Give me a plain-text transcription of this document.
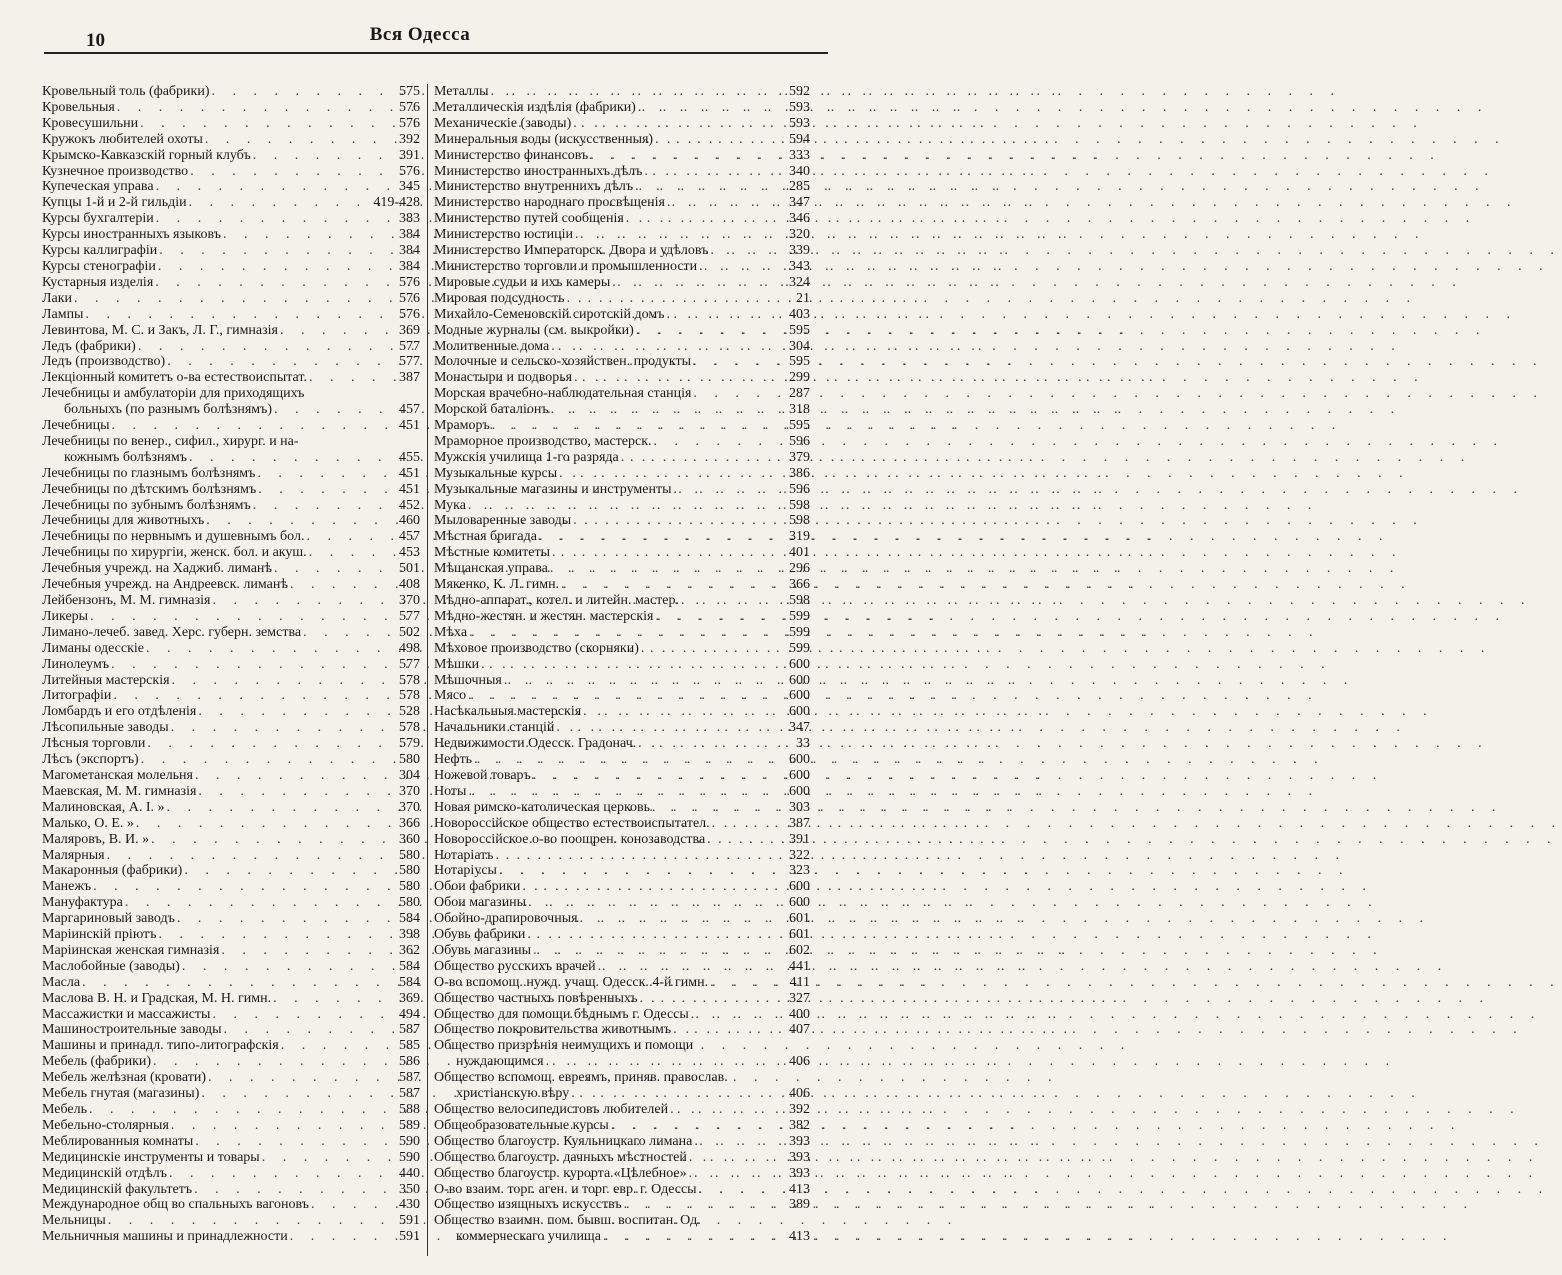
10	Вся Одесса
Кровельный толь (фабрики) . . .	575
Кровельныя . . .	576
Кровесушильни . . .	576
Кружокъ любителей охоты . . .	392
Крымско-Кавказскій горный клубъ . . .	391
Кузнечное производство . . .	576
Купеческая управа . . .	345
Купцы 1-й и 2-й гильдіи . . .	419-428
Курсы бухгалтеріи . . .	383
Курсы иностранныхъ языковъ . . .	384
Курсы каллиграфіи . . .	384
Курсы стенографіи . . .	384
Кустарныя изделія . . .	576
Лаки . . .	576
Лампы . . .	576
Левинтова, М. С. и Закъ, Л. Г., гимназія . . .	369
Ледъ (фабрики) . . .	577
Ледъ (производство) . . .	577
Лекціонный комитетъ о-ва естествоиспытат. . . .	387
Лечебницы и амбулаторіи для приходящихъ
больныхъ (по разнымъ болѣзнямъ) . . .	457
Лечебницы . . .	451
Лечебницы по венер., сифил., хирург. и на-
кожнымъ болѣзнямъ . . .	455
Лечебницы по глазнымъ болѣзнямъ . . .	451
Лечебницы по дѣтскимъ болѣзнямъ . . .	451
Лечебницы по зубнымъ болѣзнямъ . . .	452
Лечебницы для животныхъ . . .	460
Лечебницы по нервнымъ и душевнымъ бол. . . .	457
Лечебницы по хирургіи, женск. бол. и акуш. . . .	453
Лечебныя учрежд. на Хаджиб. лиманѣ . . .	501
Лечебныя учрежд. на Андреевск. лиманѣ . . .	408
Лейбензонъ, М. М. гимназія . . .	370
Ликеры . . .	577
Лимано-лечеб. завед. Херс. губерн. земства . . .	502
Лиманы одесскіе . . .	498
Линолеумъ . . .	577
Литейныя мастерскія . . .	578
Литографіи . . .	578
Ломбардъ и его отдѣленія . . .	528
Лѣсопильные заводы . . .	578
Лѣсныя торговли . . .	579
Лѣсъ (экспортъ) . . .	580
Магометанская молельня . . .	304
Маевская, М. М. гимназія . . .	370
Малиновская, А. І. » . . .	370
Малько, О. Е. » . . .	366
Маляровъ, В. И. » . . .	360
Малярныя . . .	580
Макаронныя (фабрики) . . .	580
Манежъ . . .	580
Мануфактура . . .	580
Маргариновый заводъ . . .	584
Маріинскій пріютъ . . .	398
Маріинская женская гимназія . . .	362
Маслобойные (заводы) . . .	584
Масла . . .	584
Маслова В. Н. и Градская, М. Н. гимн. . . .	369
Массажистки и массажисты . . .	494
Машиностроительные заводы . . .	587
Машины и принадл. типо-литографскія . . .	585
Мебель (фабрики) . . .	586
Мебель желѣзная (кровати) . . .	587
Мебель гнутая (магазины) . . .	587
Мебель . . .	588
Мебельно-столярныя . . .	589
Меблированныя комнаты . . .	590
Медицинскіе инструменты и товары . . .	590
Медицинскій отдѣлъ . . .	440
Медицинскій факультетъ . . .	350
Международное общ во спальныхъ вагоновъ . . .	430
Мельницы . . .	591
Мельничныя машины и принадлежности . . .	591
Металлы . . .	592
Металлическія издѣлія (фабрики) . . .	593
Механическіе (заводы) . . .	593
Минеральныя воды (искусственныя) . . .	594
Министерство финансовъ . . .	333
Министерство иностранныхъ дѣлъ . . .	340
Министерство внутреннихъ дѣлъ . . .	285
Министерство народнаго просвѣщенія . . .	347
Министерство путей сообщенія . . .	346
Министерство юстиціи . . .	320
Министерство Императорск. Двора и удѣловъ . . .	339
Министерство торговли и промышленности . . .	343
Мировые судьи и ихъ камеры . . .	324
Мировая подсудность . . .	21
Михайло-Семеновскій сиротскій домъ . . .	403
Модные журналы (см. выкройки) . . .	595
Молитвенные дома . . .	304
Молочные и сельско-хозяйствен. продукты . . .	595
Монастыри и подворья . . .	299
Морская врачебно-наблюдательная станція . . .	287
Морской баталіонъ . . .	318
Мраморъ . . .	595
Мраморное производство, мастерск. . . .	596
Мужскія училища 1-го разряда . . .	379
Музыкальные курсы . . .	386
Музыкальные магазины и инструменты . . .	596
Мука . . .	598
Мыловаренные заводы . . .	598
Мѣстная бригада . . .	319
Мѣстные комитеты . . .	401
Мѣщанская управа . . .	296
Мякенко, К. Л. гимн. . . .	366
Мѣдно-аппарат., котел. и литейн. мастер. . . .	598
Мѣдно-жестян. и жестян. мастерскія . . .	599
Мѣха . . .	599
Мѣховое производство (скорняки) . . .	599
Мѣшки . . .	600
Мѣшочныя . . .	600
Мясо . . .	600
Насѣкальныя мастерскія . . .	600
Начальники станцій . . .	347
Недвижимости Одесск. Градонач. . . .	33
Нефть . . .	600
Ножевой товаръ . . .	600
Ноты . . .	600
Новая римско-католическая церковь . . .	303
Новороссійское общество естествоиспытател. . . .	387
Новороссійское о-во поощрен. конозаводства . . .	391
Нотаріатъ . . .	322
Нотаріусы . . .	323
Обои фабрики . . .	600
Обои магазины . . .	600
Обойно-драпировочныя . . .	601
Обувь фабрики . . .	601
Обувь магазины . . .	602
Общество русскихъ врачей . . .	441
О-во вспомощ. нужд. учащ. Одесск. 4-й гимн. . . .	411
Общество частныхъ повѣренныхъ . . .	327
Общество для помощи бѣднымъ г. Одессы . . .	400
Общество покровительства животнымъ . . .	407
Общество призрѣнія неимущихъ и помощи
нуждающимся . . .	406
Общество вспомощ. евреямъ, приняв. православ.
христіанскую вѣру . . .	406
Общество велосипедистовъ любителей . . .	392
Общеобразовательные курсы . . .	382
Общество благоустр. Куяльницкаго лимана . . .	393
Общество благоустр. дачныхъ мѣстностей . . .	393
Общество благоустр. курорта «Цѣлебное» . . .	393
О-во взаим. торг. аген. и торг. евр. г. Одессы . . .	413
Общество изящныхъ искусствъ . . .	389
Общество взаимн. пом. бывш. воспитан. Од.
коммерческаго училища . . .	413
